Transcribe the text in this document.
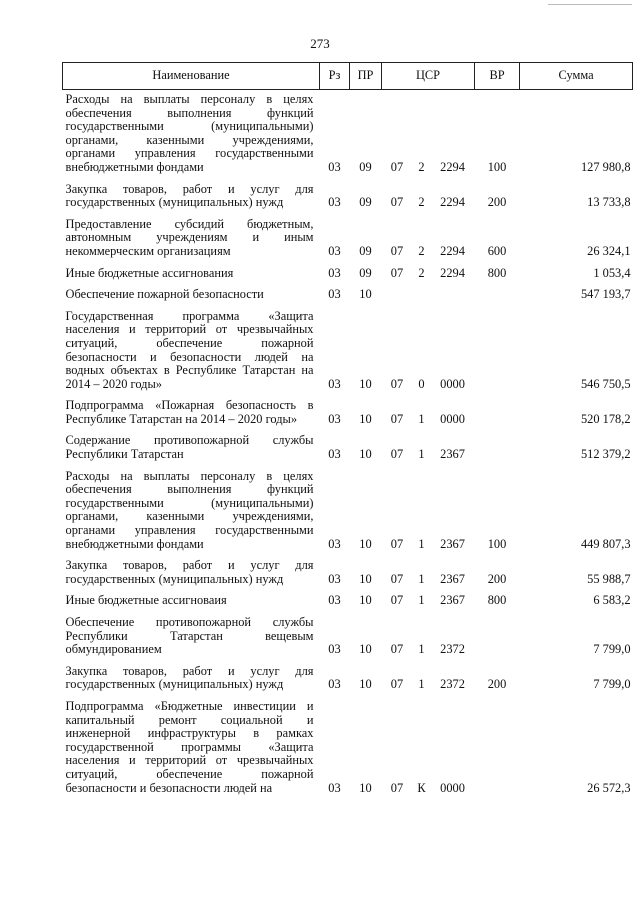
273
Наименование	Рз	ПР	ЦСР			ВР	Сумма
Расходы на выплаты персоналу в целях обеспечения выполнения функций государственными (муниципальными) органами, казенными учреждениями, органами управления государственными внебюджетными фондами	03	09	07	2	2294	100	127 980,8
Закупка товаров, работ и услуг для государственных (муниципальных) нужд	03	09	07	2	2294	200	13 733,8
Предоставление субсидий бюджетным, автономным учреждениям и иным некоммерческим организациям	03	09	07	2	2294	600	26 324,1
Иные бюджетные ассигнования	03	09	07	2	2294	800	1 053,4
Обеспечение пожарной безопасности	03	10					547 193,7
Государственная программа «Защита населения и территорий от чрезвычайных ситуаций, обеспечение пожарной безопасности и безопасности людей на водных объектах в Республике Татарстан на 2014 – 2020 годы»	03	10	07	0	0000		546 750,5
Подпрограмма «Пожарная безопасность в Республике Татарстан на 2014 – 2020 годы»	03	10	07	1	0000		520 178,2
Содержание противопожарной службы Республики Татарстан	03	10	07	1	2367		512 379,2
Расходы на выплаты персоналу в целях обеспечения выполнения функций государственными (муниципальными) органами, казенными учреждениями, органами управления государственными внебюджетными фондами	03	10	07	1	2367	100	449 807,3
Закупка товаров, работ и услуг для государственных (муниципальных) нужд	03	10	07	1	2367	200	55 988,7
Иные бюджетные ассигноваия	03	10	07	1	2367	800	6 583,2
Обеспечение противопожарной службы Республики Татарстан вещевым обмундированием	03	10	07	1	2372		7 799,0
Закупка товаров, работ и услуг для государственных (муниципальных) нужд	03	10	07	1	2372	200	7 799,0
Подпрограмма «Бюджетные инвестиции и капитальный ремонт социальной и инженерной инфраструктуры в рамках государственной программы «Защита населения и территорий от чрезвычайных ситуаций, обеспечение пожарной безопасности и безопасности людей на	03	10	07	К	0000		26 572,3
